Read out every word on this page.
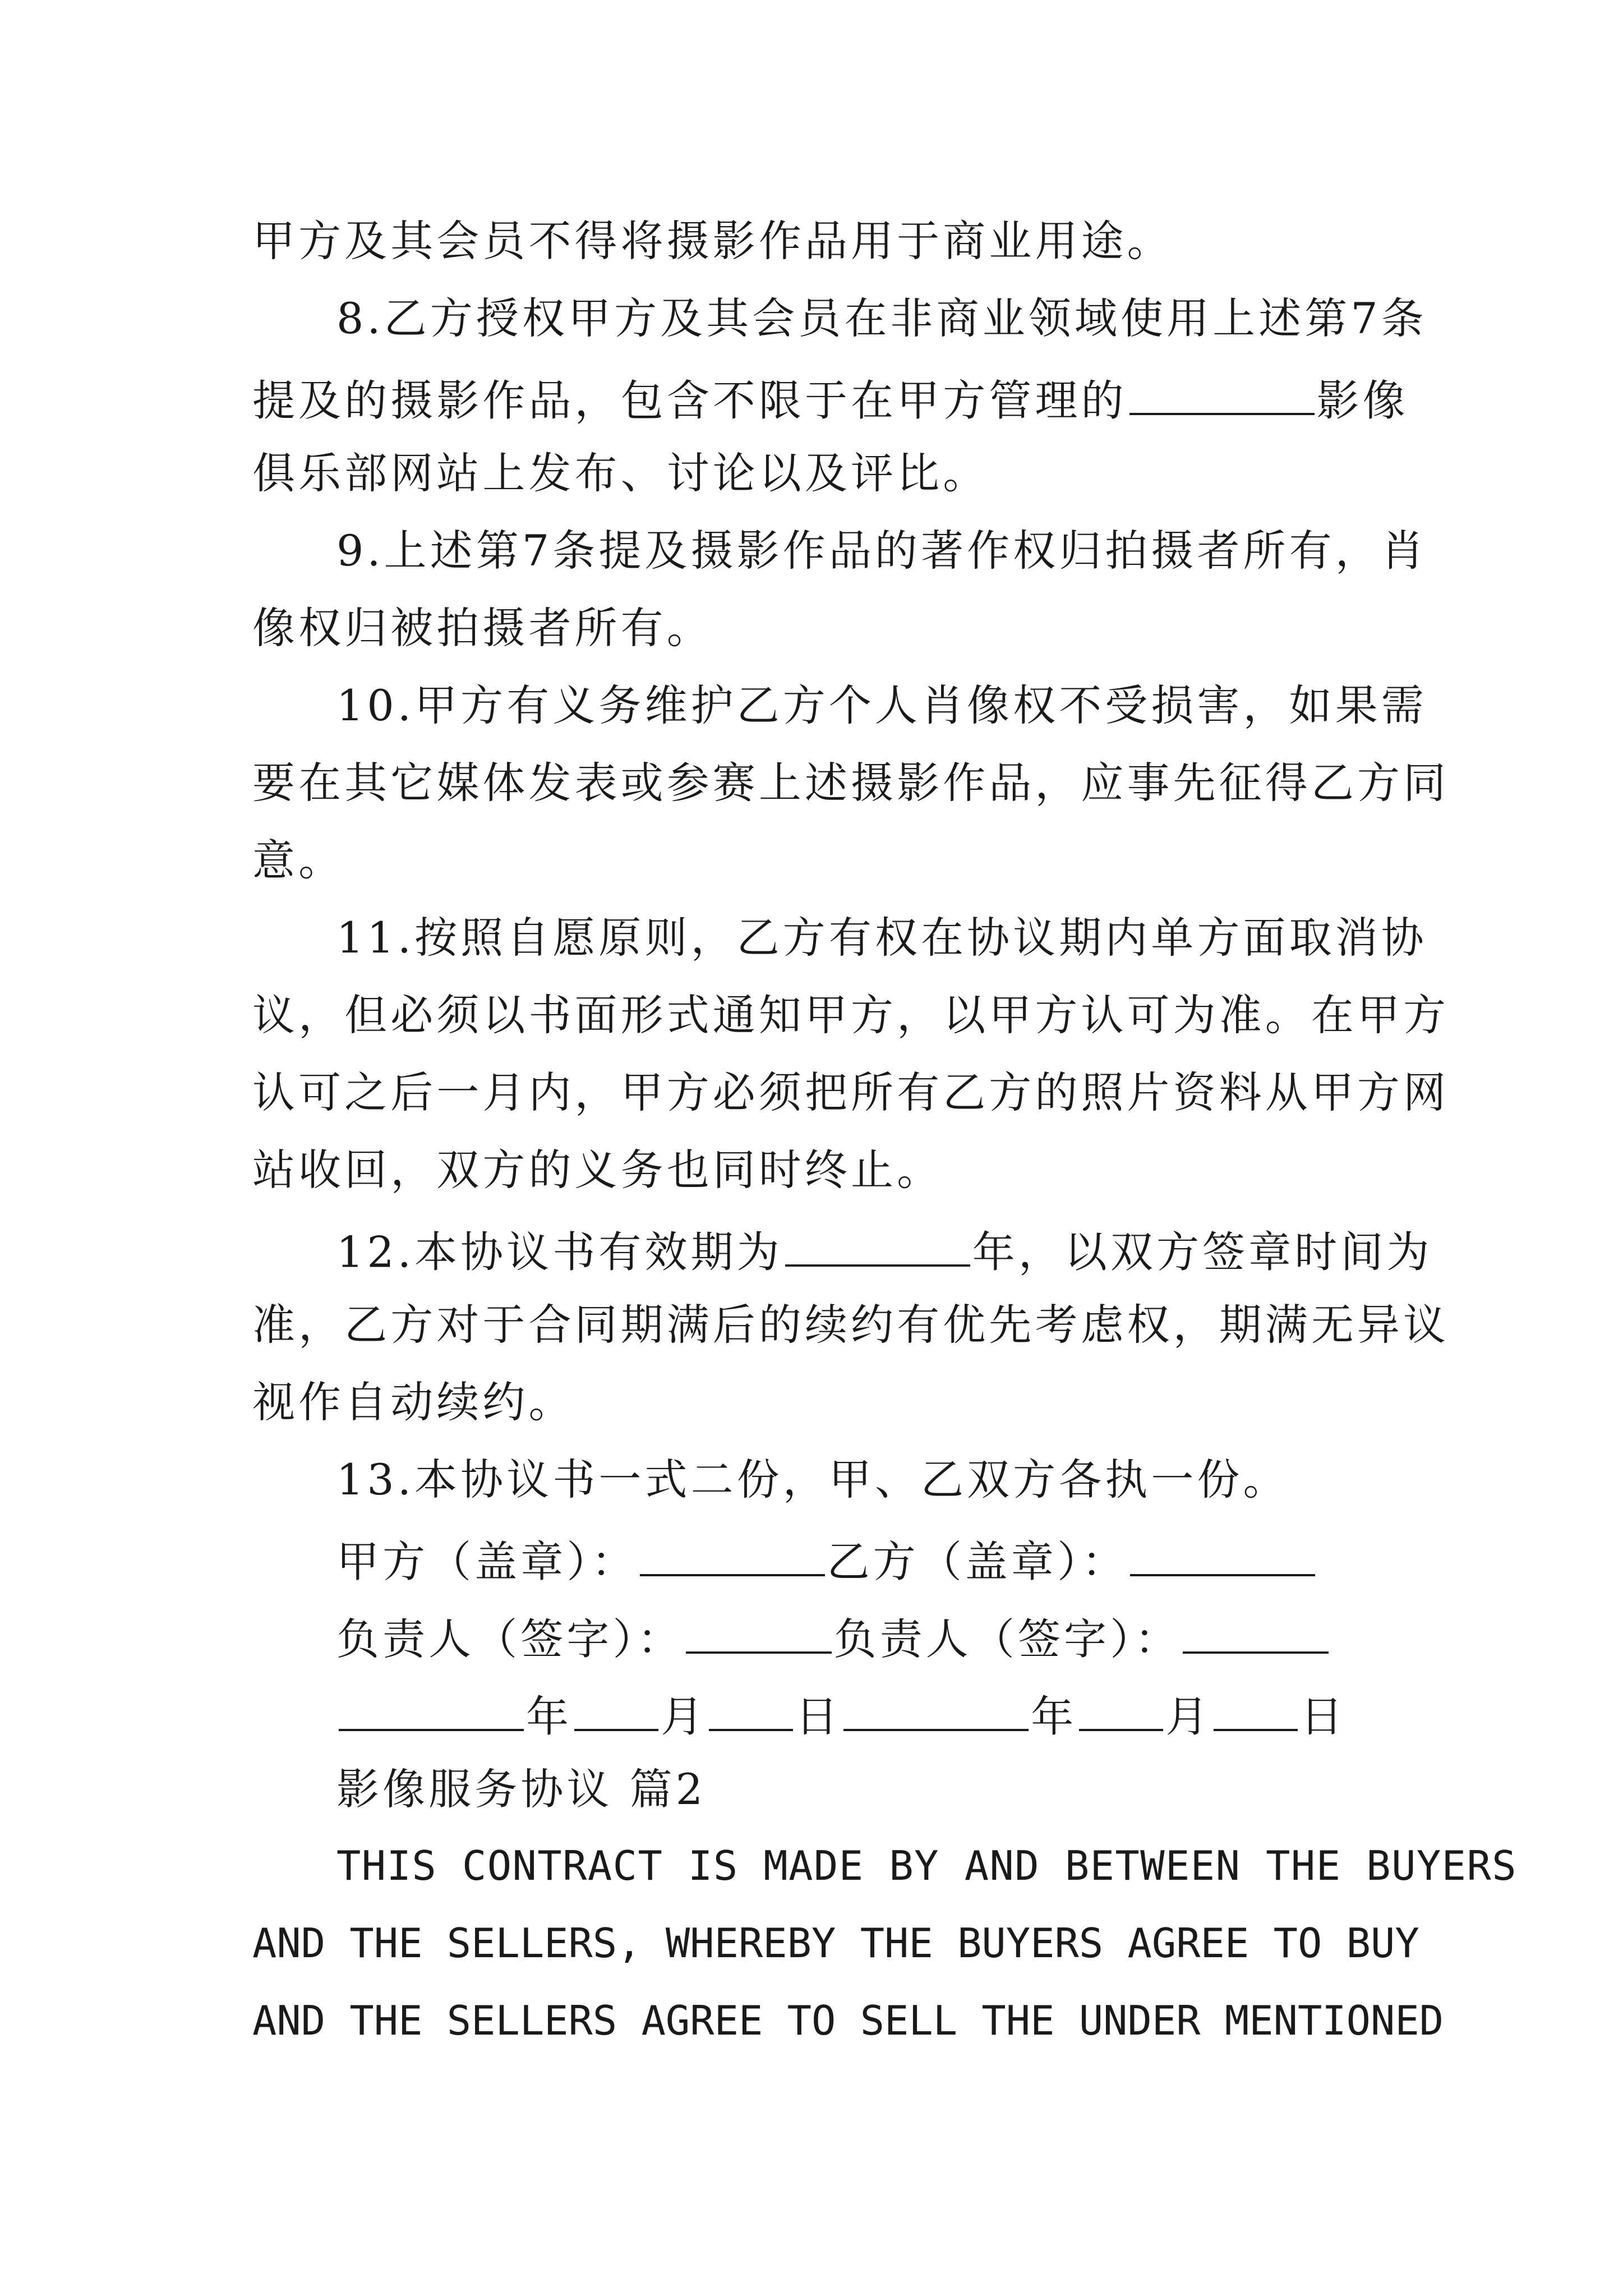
甲方及其会员不得将摄影作品用于商业用途。
8.乙方授权甲方及其会员在非商业领域使用上述第7条
提及的摄影作品，包含不限于在甲方管理的	影像
俱乐部网站上发布、讨论以及评比。
9.上述第7条提及摄影作品的著作权归拍摄者所有，肖
像权归被拍摄者所有。
10.甲方有义务维护乙方个人肖像权不受损害，如果需
要在其它媒体发表或参赛上述摄影作品，应事先征得乙方同
意。
11.按照自愿原则，乙方有权在协议期内单方面取消协
议，但必须以书面形式通知甲方，以甲方认可为准。在甲方
认可之后一月内，甲方必须把所有乙方的照片资料从甲方网
站收回，双方的义务也同时终止。
12.本协议书有效期为	年，以双方签章时间为
准，乙方对于合同期满后的续约有优先考虑权，期满无异议
视作自动续约。
13.本协议书一式二份，甲、乙双方各执一份。
甲方（盖章）：	乙方（盖章）：
负责人（签字）：	负责人（签字）：
年 月 日	年 月 日
影像服务协议 篇2
THIS CONTRACT IS MADE BY AND BETWEEN THE BUYERS
AND THE SELLERS, WHEREBY THE BUYERS AGREE TO BUY
AND THE SELLERS AGREE TO SELL THE UNDER MENTIONED
